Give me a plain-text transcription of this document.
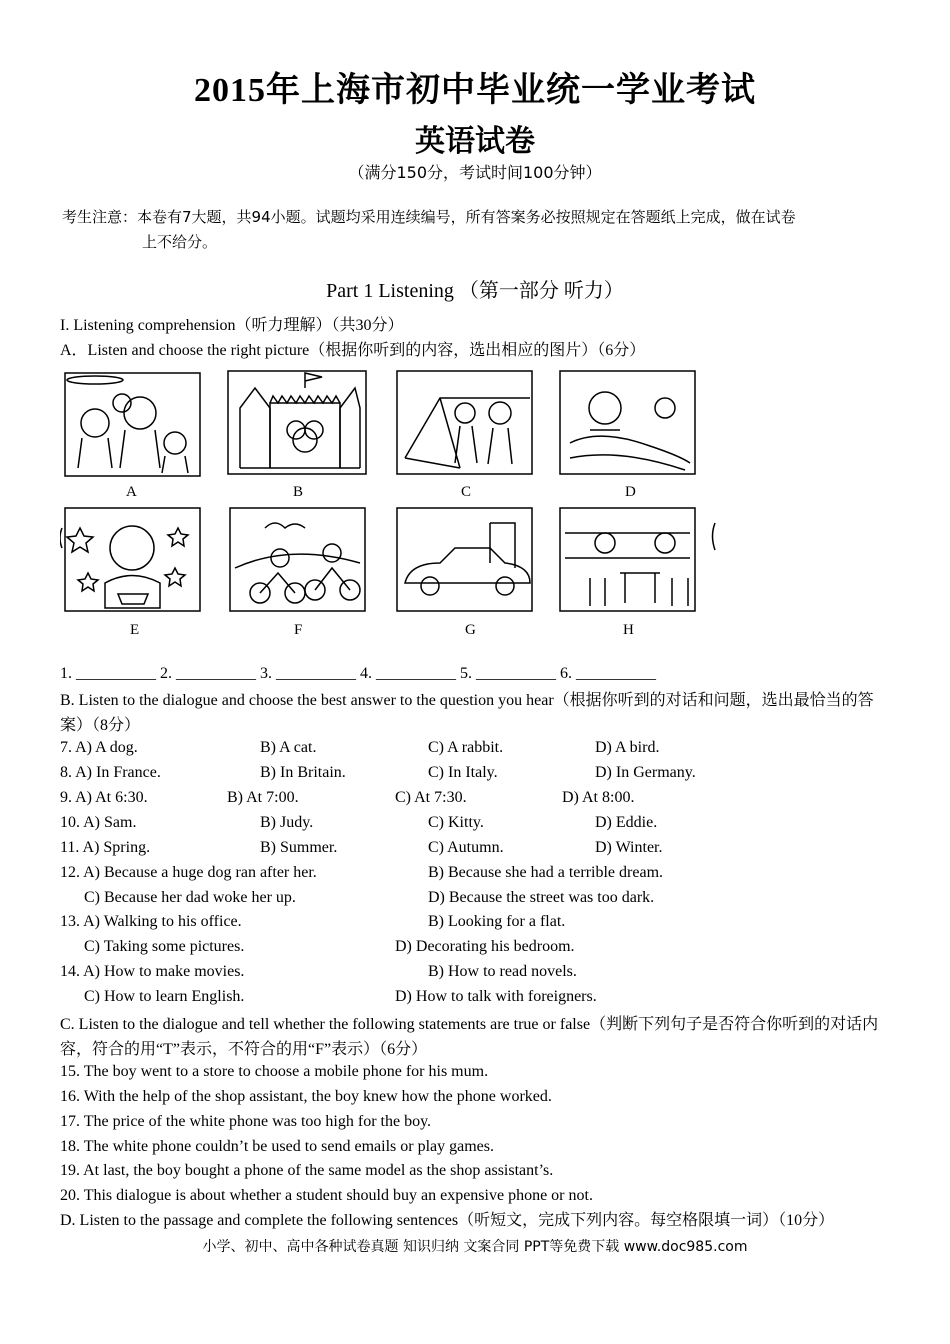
2015年上海市初中毕业统一学业考试
英语试卷
（满分150分，考试时间100分钟）
考生注意：本卷有7大题，共94小题。试题均采用连续编号，所有答案务必按照规定在答题纸上完成，做在试卷
上不给分。
Part 1 Listening （第一部分 听力）
I. Listening comprehension（听力理解）（共30分）
A．Listen and choose the right picture（根据你听到的内容，选出相应的图片）（6分）
A	B	C	D
E	F	G	H
1. __________ 2. __________ 3. __________ 4. __________ 5. __________ 6. __________
B. Listen to the dialogue and choose the best answer to the question you hear（根据你听到的对话和问题，选出最恰当的答案）（8分）
7. A) A dog.	B) A cat.	C) A rabbit.	D) A bird.
8. A) In France.	B) In Britain.	C) In Italy.	D) In Germany.
9. A) At 6:30.	B) At 7:00.	C) At 7:30.	D) At 8:00.
10. A) Sam.	B) Judy.	C) Kitty.	D) Eddie.
11. A) Spring.	B) Summer.	C) Autumn.	D) Winter.
12. A) Because a huge dog ran after her.	B) Because she had a terrible dream.
C) Because her dad woke her up.	D) Because the street was too dark.
13. A) Walking to his office.	B) Looking for a flat.
C) Taking some pictures.	D) Decorating his bedroom.
14. A) How to make movies.	B) How to read novels.
C) How to learn English.	D) How to talk with foreigners.
C. Listen to the dialogue and tell whether the following statements are true or false（判断下列句子是否符合你听到的对话内容，符合的用“T”表示，不符合的用“F”表示）（6分）
15. The boy went to a store to choose a mobile phone for his mum.
16. With the help of the shop assistant, the boy knew how the phone worked.
17. The price of the white phone was too high for the boy.
18. The white phone couldn’t be used to send emails or play games.
19. At last, the boy bought a phone of the same model as the shop assistant’s.
20. This dialogue is about whether a student should buy an expensive phone or not.
D. Listen to the passage and complete the following sentences（听短文，完成下列内容。每空格限填一词）（10分）
小学、初中、高中各种试卷真题 知识归纳 文案合同 PPT等免费下载 www.doc985.com
